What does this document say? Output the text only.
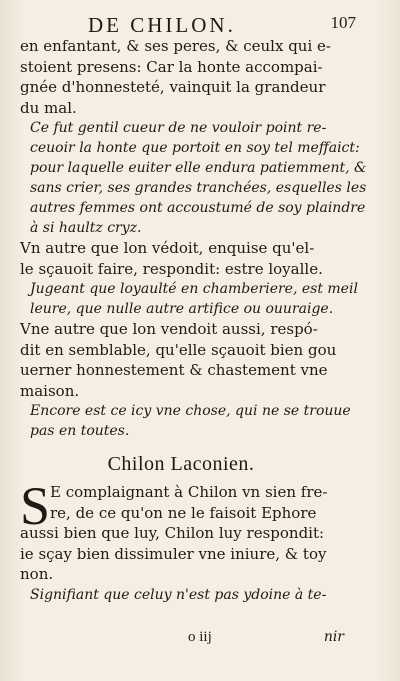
DE CHILON.	107

en enfantant, & ses peres, & ceulx qui e-
stoient presens: Car la honte accompai-
gnée d'honnesteté, vainquit la grandeur
du mal.

Ce fut gentil cueur de ne vouloir point re-
ceuoir la honte que portoit en soy tel meffaict:
pour laquelle euiter elle endura patiemment, &
sans crier, ses grandes tranchées, esquelles les
autres femmes ont accoustumé de soy plaindre
à si haultz cryz.

Vn autre que lon védoit, enquise qu'el-
le sçauoit faire, respondit: estre loyalle.

Jugeant que loyaulté en chamberiere, est meil
leure, que nulle autre artifice ou ouuraige.

Vne autre que lon vendoit aussi, respó-
dit en semblable, qu'elle sçauoit bien gou
uerner honnestement & chastement vne
maison.

Encore est ce icy vne chose, qui ne se trouue
pas en toutes.

Chilon Laconien.
S E complaignant à Chilon vn sien fre-
re, de ce qu'on ne le faisoit Ephore

aussi bien que luy, Chilon luy respondit:
ie sçay bien dissimuler vne iniure, & toy
non.

Signifiant que celuy n'est pas ydoine à te-

o iij	nir
